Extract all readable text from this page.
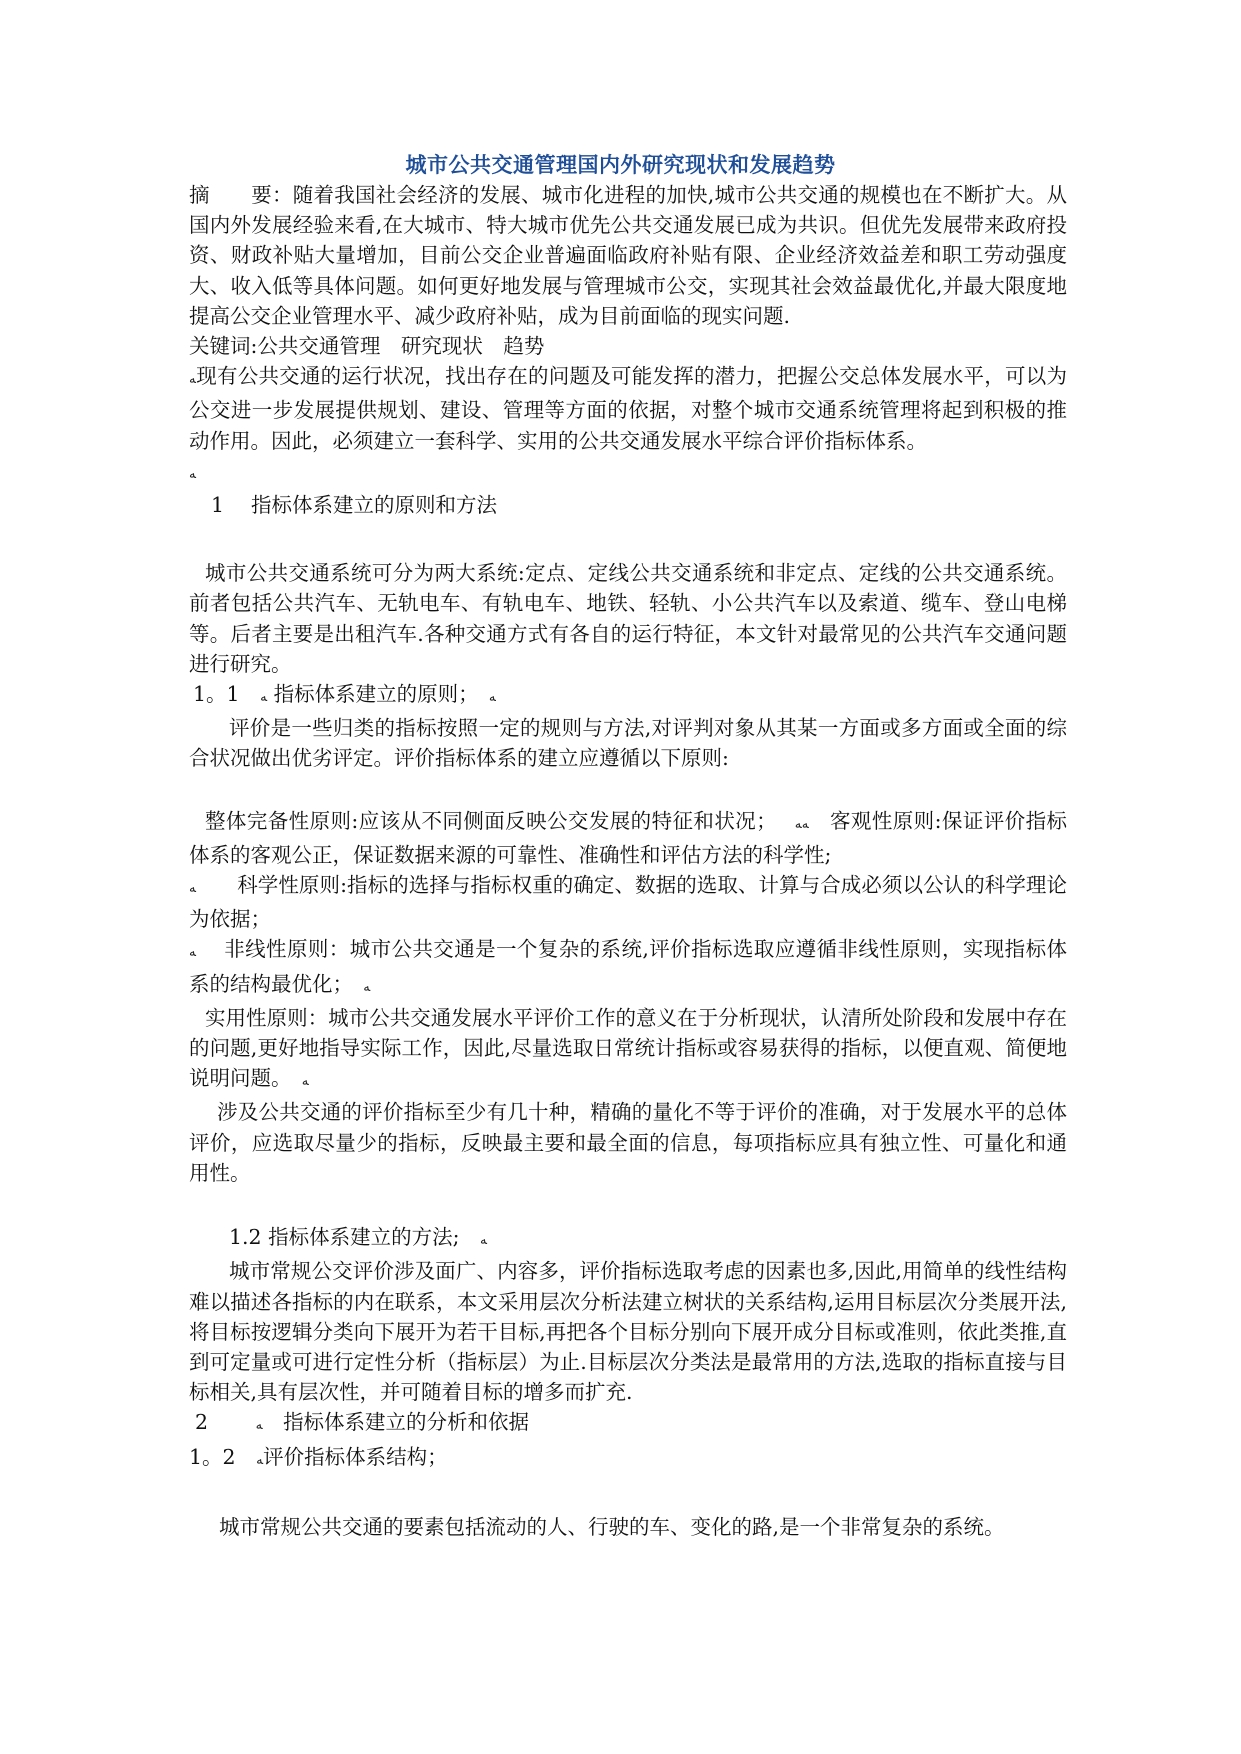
城市公共交通管理国内外研究现状和发展趋势

摘　　要：随着我国社会经济的发展、城市化进程的加快,城市公共交通的规模也在不断扩大。从国内外发展经验来看,在大城市、特大城市优先公共交通发展已成为共识。但优先发展带来政府投资、财政补贴大量增加，目前公交企业普遍面临政府补贴有限、企业经济效益差和职工劳动强度大、收入低等具体问题。如何更好地发展与管理城市公交，实现其社会效益最优化,并最大限度地提高公交企业管理水平、减少政府补贴，成为目前面临的现实问题.

关键词:公共交通管理　研究现状　趋势

ﻪ现有公共交通的运行状况，找出存在的问题及可能发挥的潜力，把握公交总体发展水平，可以为公交进一步发展提供规划、建设、管理等方面的依据，对整个城市交通系统管理将起到积极的推动作用。因此，必须建立一套科学、实用的公共交通发展水平综合评价指标体系。

ﻪ

1　 指标体系建立的原则和方法

城市公共交通系统可分为两大系统:定点、定线公共交通系统和非定点、定线的公共交通系统。前者包括公共汽车、无轨电车、有轨电车、地铁、轻轨、小公共汽车以及索道、缆车、登山电梯等。后者主要是出租汽车.各种交通方式有各自的运行特征，本文针对最常见的公共汽车交通问题进行研究。

1。1　 ﻪ 指标体系建立的原则；　 ﻪ

评价是一些归类的指标按照一定的规则与方法,对评判对象从其某一方面或多方面或全面的综合状况做出优劣评定。评价指标体系的建立应遵循以下原则:

整体完备性原则:应该从不同侧面反映公交发展的特征和状况；　	ﻪﻪ　 客观性原则:保证评价指标体系的客观公正，保证数据来源的可靠性、准确性和评估方法的科学性;

ﻪ　　 科学性原则:指标的选择与指标权重的确定、数据的选取、计算与合成必须以公认的科学理论为依据；

ﻪ　 非线性原则：城市公共交通是一个复杂的系统,评价指标选取应遵循非线性原则，实现指标体系的结构最优化；　 ﻪ

实用性原则：城市公共交通发展水平评价工作的意义在于分析现状，认清所处阶段和发展中存在的问题,更好地指导实际工作，因此,尽量选取日常统计指标或容易获得的指标，以便直观、简便地说明问题。　 ﻪ

涉及公共交通的评价指标至少有几十种，精确的量化不等于评价的准确，对于发展水平的总体评价，应选取尽量少的指标，反映最主要和最全面的信息，每项指标应具有独立性、可量化和通用性。

1.2 指标体系建立的方法;　 ﻪ

城市常规公交评价涉及面广、内容多，评价指标选取考虑的因素也多,因此,用简单的线性结构难以描述各指标的内在联系，本文采用层次分析法建立树状的关系结构,运用目标层次分类展开法,将目标按逻辑分类向下展开为若干目标,再把各个目标分别向下展开成分目标或准则，依此类推,直到可定量或可进行定性分析（指标层）为止.目标层次分类法是最常用的方法,选取的指标直接与目标相关,具有层次性，并可随着目标的增多而扩充.

2　　	ﻪ　 指标体系建立的分析和依据

1。2　 ﻪ评价指标体系结构；

城市常规公共交通的要素包括流动的人、行驶的车、变化的路,是一个非常复杂的系统。
